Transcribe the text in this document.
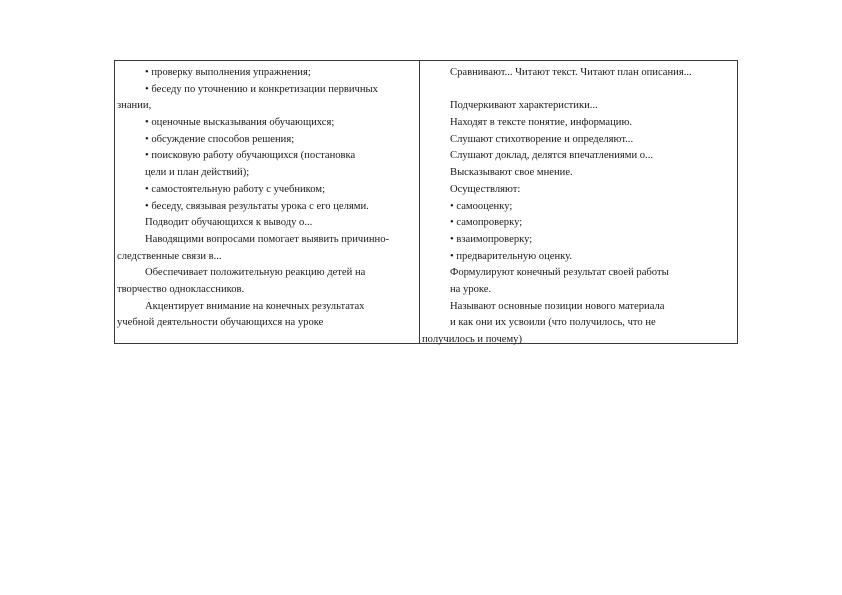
• проверку выполнения упражнения;
• беседу по уточнению и конкретизации первичных
знании,
• оценочные высказывания обучающихся;
• обсуждение способов решения;
• поисковую работу обучающихся (постановка
цели и план действий);
• самостоятельную работу с учебником;
• беседу, связывая результаты урока с его целями.
Подводит обучающихся к выводу о...
Наводящими вопросами помогает выявить причинно-
следственные связи в...
Обеспечивает положительную реакцию детей на
творчество одноклассников.
Акцентирует внимание на конечных результатах
учебной деятельности обучающихся на уроке
Сравнивают... Читают текст. Читают план описания...
Подчеркивают характеристики...
Находят в тексте понятие, информацию.
Слушают стихотворение и определяют...
Слушают доклад, делятся впечатлениями о...
Высказывают свое мнение.
Осуществляют:
• самооценку;
• самопроверку;
• взаимопроверку;
• предварительную оценку.
Формулируют конечный результат своей работы
на уроке.
Называют основные позиции нового материала
и как они их усвоили (что получилось, что не
получилось и почему)
